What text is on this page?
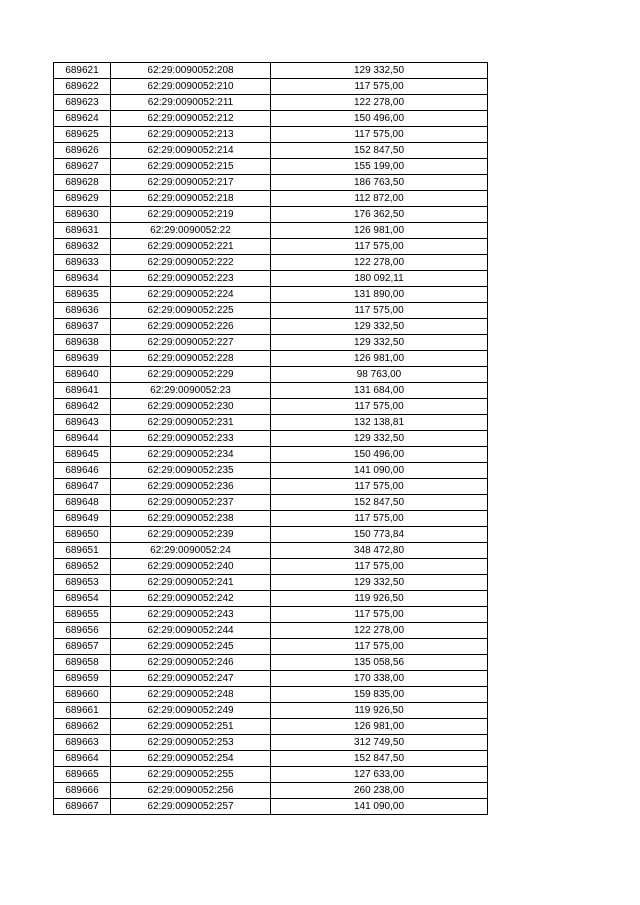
689621	62:29:0090052:208	129 332,50
689622	62:29:0090052:210	117 575,00
689623	62:29:0090052:211	122 278,00
689624	62:29:0090052:212	150 496,00
689625	62:29:0090052:213	117 575,00
689626	62:29:0090052:214	152 847,50
689627	62:29:0090052:215	155 199,00
689628	62:29:0090052:217	186 763,50
689629	62:29:0090052:218	112 872,00
689630	62:29:0090052:219	176 362,50
689631	62:29:0090052:22	126 981,00
689632	62:29:0090052:221	117 575,00
689633	62:29:0090052:222	122 278,00
689634	62:29:0090052:223	180 092,11
689635	62:29:0090052:224	131 890,00
689636	62:29:0090052:225	117 575,00
689637	62:29:0090052:226	129 332,50
689638	62:29:0090052:227	129 332,50
689639	62:29:0090052:228	126 981,00
689640	62:29:0090052:229	98 763,00
689641	62:29:0090052:23	131 684,00
689642	62:29:0090052:230	117 575,00
689643	62:29:0090052:231	132 138,81
689644	62:29:0090052:233	129 332,50
689645	62:29:0090052:234	150 496,00
689646	62:29:0090052:235	141 090,00
689647	62:29:0090052:236	117 575,00
689648	62:29:0090052:237	152 847,50
689649	62:29:0090052:238	117 575,00
689650	62:29:0090052:239	150 773,84
689651	62:29:0090052:24	348 472,80
689652	62:29:0090052:240	117 575,00
689653	62:29:0090052:241	129 332,50
689654	62:29:0090052:242	119 926,50
689655	62:29:0090052:243	117 575,00
689656	62:29:0090052:244	122 278,00
689657	62:29:0090052:245	117 575,00
689658	62:29:0090052:246	135 058,56
689659	62:29:0090052:247	170 338,00
689660	62:29:0090052:248	159 835,00
689661	62:29:0090052:249	119 926,50
689662	62:29:0090052:251	126 981,00
689663	62:29:0090052:253	312 749,50
689664	62:29:0090052:254	152 847,50
689665	62:29:0090052:255	127 633,00
689666	62:29:0090052:256	260 238,00
689667	62:29:0090052:257	141 090,00
